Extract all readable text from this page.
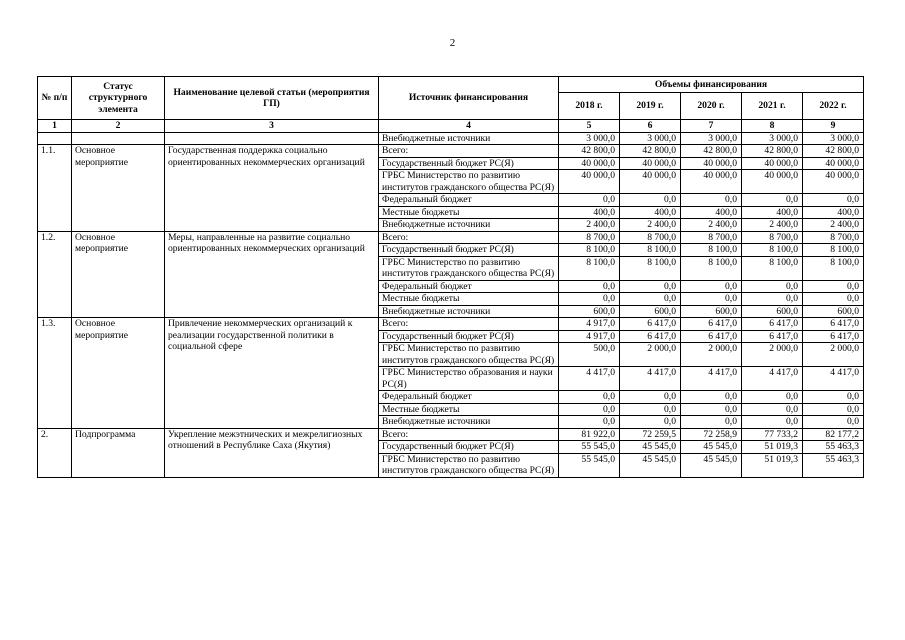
2
№ п/п	Статус структурного элемента	Наименование целевой статьи (мероприятия ГП)	Источник финансирования	Объемы финансирования				
				2018 г.	2019 г.	2020 г.	2021 г.	2022 г.
1	2	3	4	5	6	7	8	9
			Внебюджетные источники	3 000,0	3 000,0	3 000,0	3 000,0	3 000,0
1.1.	Основное мероприятие	Государственная поддержка социально ориентированных некоммерческих организаций	Всего:	42 800,0	42 800,0	42 800,0	42 800,0	42 800,0
			Государственный бюджет РС(Я)	40 000,0	40 000,0	40 000,0	40 000,0	40 000,0
			ГРБС Министерство по развитию институтов гражданского общества РС(Я)	40 000,0	40 000,0	40 000,0	40 000,0	40 000,0
			Федеральный бюджет	0,0	0,0	0,0	0,0	0,0
			Местные бюджеты	400,0	400,0	400,0	400,0	400,0
			Внебюджетные источники	2 400,0	2 400,0	2 400,0	2 400,0	2 400,0
1.2.	Основное мероприятие	Меры, направленные на развитие социально ориентированных некоммерческих организаций	Всего:	8 700,0	8 700,0	8 700,0	8 700,0	8 700,0
			Государственный бюджет РС(Я)	8 100,0	8 100,0	8 100,0	8 100,0	8 100,0
			ГРБС Министерство по развитию институтов гражданского общества РС(Я)	8 100,0	8 100,0	8 100,0	8 100,0	8 100,0
			Федеральный бюджет	0,0	0,0	0,0	0,0	0,0
			Местные бюджеты	0,0	0,0	0,0	0,0	0,0
			Внебюджетные источники	600,0	600,0	600,0	600,0	600,0
1.3.	Основное мероприятие	Привлечение некоммерческих организаций к реализации государственной политики в социальной сфере	Всего:	4 917,0	6 417,0	6 417,0	6 417,0	6 417,0
			Государственный бюджет РС(Я)	4 917,0	6 417,0	6 417,0	6 417,0	6 417,0
			ГРБС Министерство по развитию институтов гражданского общества РС(Я)	500,0	2 000,0	2 000,0	2 000,0	2 000,0
			ГРБС Министерство образования и науки РС(Я)	4 417,0	4 417,0	4 417,0	4 417,0	4 417,0
			Федеральный бюджет	0,0	0,0	0,0	0,0	0,0
			Местные бюджеты	0,0	0,0	0,0	0,0	0,0
			Внебюджетные источники	0,0	0,0	0,0	0,0	0,0
2.	Подпрограмма	Укрепление межэтнических и межрелигиозных отношений в Республике Саха (Якутия)	Всего:	81 922,0	72 259,5	72 258,9	77 733,2	82 177,2
			Государственный бюджет РС(Я)	55 545,0	45 545,0	45 545,0	51 019,3	55 463,3
			ГРБС Министерство по развитию институтов гражданского общества РС(Я)	55 545,0	45 545,0	45 545,0	51 019,3	55 463,3
